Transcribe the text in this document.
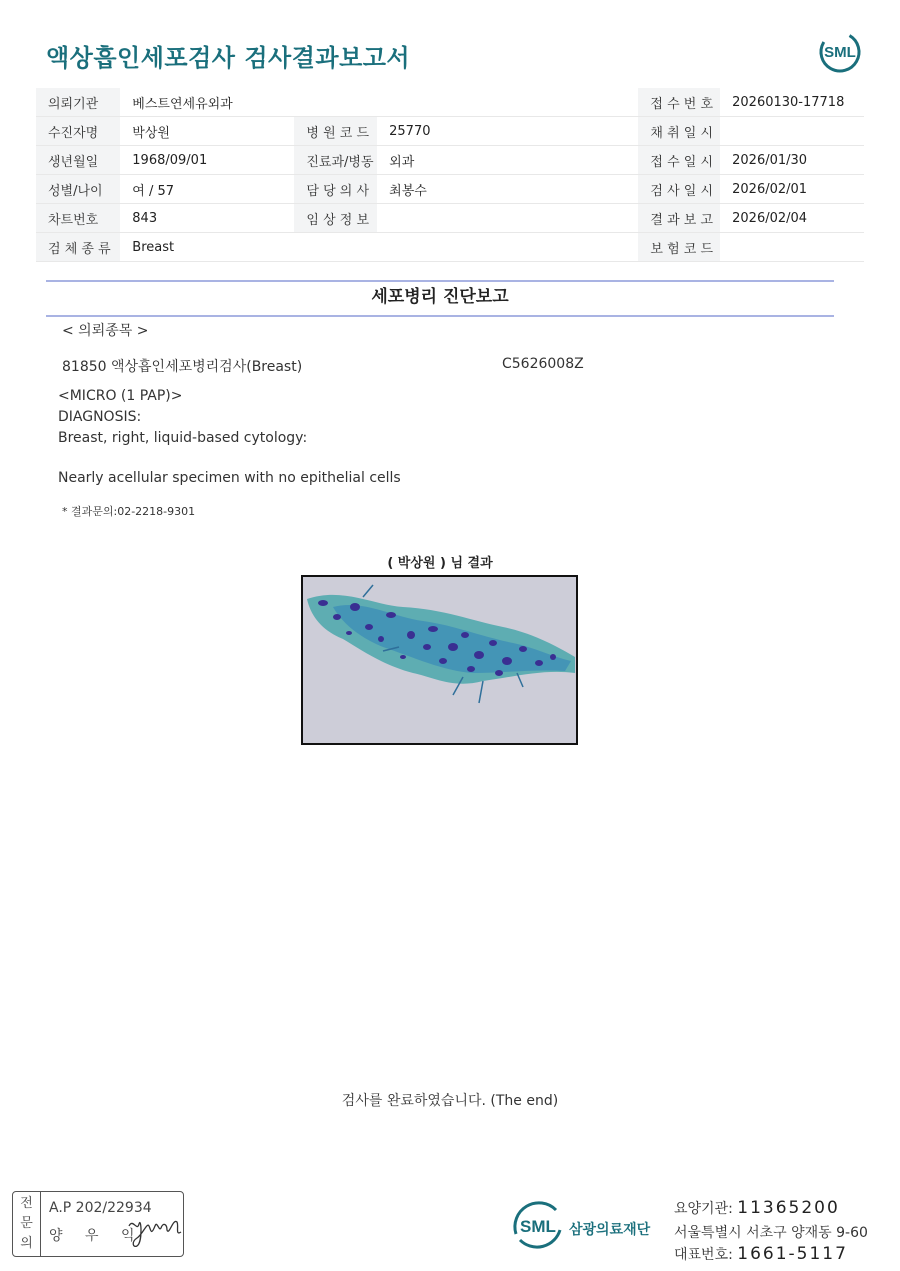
액상흡인세포검사 검사결과보고서	SML
의뢰기관	베스트연세유외과				접 수 번 호	20260130-17718
수진자명	박상원	병 원 코 드	25770		채 취 일 시	
생년월일	1968/09/01	진료과/병동	외과		접 수 일 시	2026/01/30
성별/나이	여 / 57	담 당 의 사	최봉수		검 사 일 시	2026/02/01
차트번호	843	임 상 정 보			결 과 보 고	2026/02/04
검 체 종 류	Breast				보 험 코 드	
세포병리 진단보고
< 의뢰종목 >
81850 액상흡인세포병리검사(Breast)	C5626008Z
<MICRO (1 PAP)>
DIAGNOSIS:
Breast, right, liquid-based cytology:
Nearly acellular specimen with no epithelial cells
* 결과문의:02-2218-9301
( 박상원 ) 님 결과
검사를 완료하였습니다. (The end)
전
문
의
A.P 202/22934
양 우 익	SML 삼광의료재단
요양기관: 11365200
서울특별시 서초구 양재동 9-60
대표번호: 1661-5117
